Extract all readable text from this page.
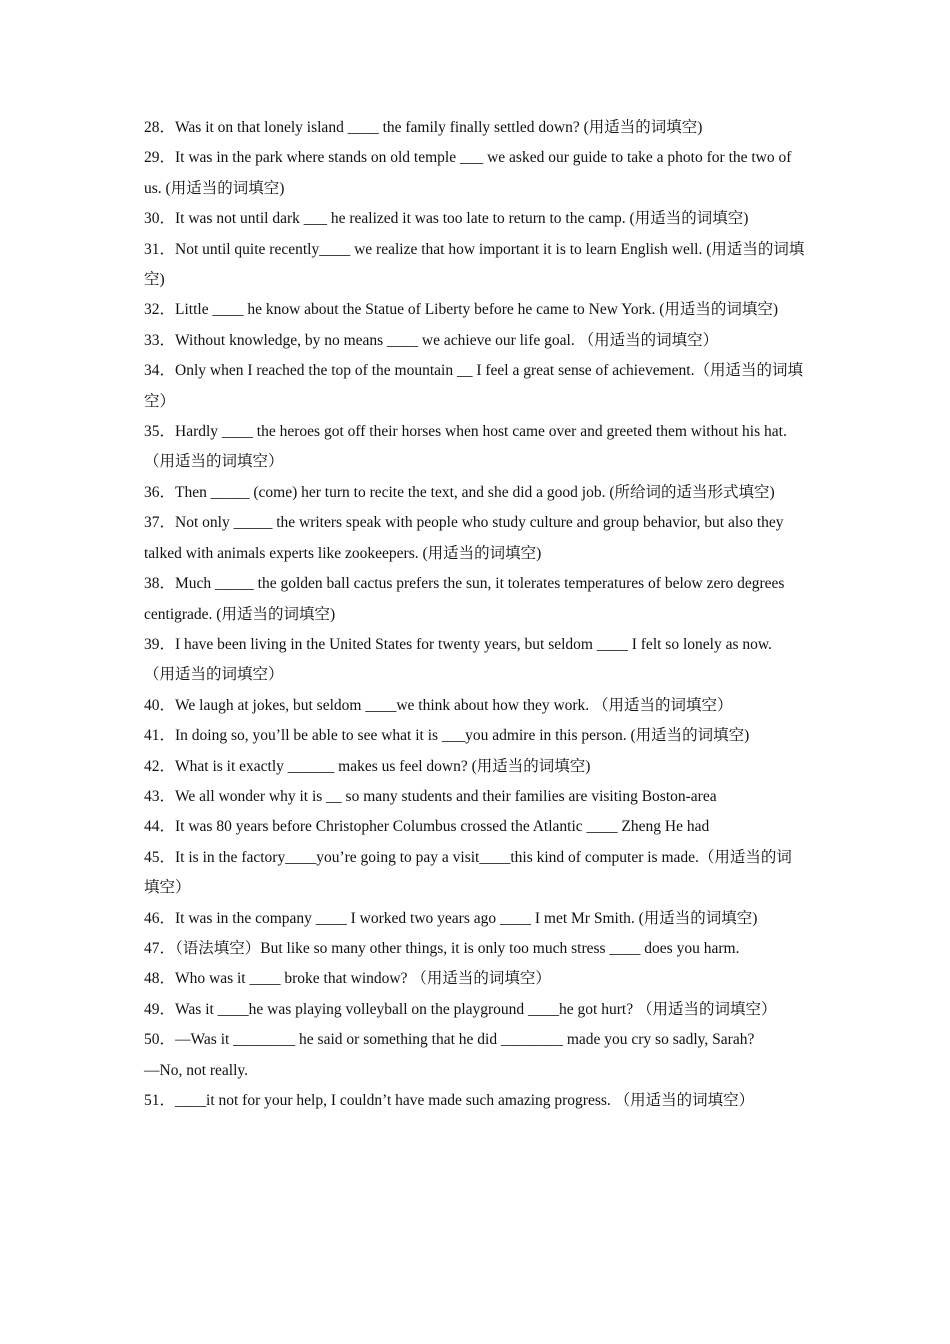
28．Was it on that lonely island ____ the family finally settled down? (用适当的词填空)

29．It was in the park where stands on old temple ___ we asked our guide to take a photo for the two of us. (用适当的词填空)

30．It was not until dark ___ he realized it was too late to return to the camp. (用适当的词填空)

31．Not until quite recently____ we realize that how important it is to learn English well. (用适当的词填空)

32．Little ____ he know about the Statue of Liberty before he came to New York. (用适当的词填空)

33．Without knowledge, by no means ____ we achieve our life goal. （用适当的词填空）

34．Only when I reached the top of the mountain __ I feel a great sense of achievement.（用适当的词填空）

35．Hardly ____ the heroes got off their horses when host came over and greeted them without his hat. （用适当的词填空）

36．Then _____ (come) her turn to recite the text, and she did a good job. (所给词的适当形式填空)

37．Not only _____ the writers speak with people who study culture and group behavior, but also they talked with animals experts like zookeepers. (用适当的词填空)

38．Much _____ the golden ball cactus prefers the sun, it tolerates temperatures of below zero degrees centigrade. (用适当的词填空)

39．I have been living in the United States for twenty years, but seldom ____ I felt so lonely as now. （用适当的词填空）

40．We laugh at jokes, but seldom ____we think about how they work. （用适当的词填空）

41．In doing so, you’ll be able to see what it is ___you admire in this person. (用适当的词填空)

42．What is it exactly ______ makes us feel down? (用适当的词填空)

43．We all wonder why it is __ so many students and their families are visiting Boston-area

44．It was 80 years before Christopher Columbus crossed the Atlantic ____ Zheng He had

45．It is in the factory____you’re going to pay a visit____this kind of computer is made.（用适当的词填空）

46．It was in the company ____ I worked two years ago ____ I met Mr Smith. (用适当的词填空)

47．（语法填空）But like so many other things, it is only too much stress ____ does you harm.

48．Who was it ____ broke that window? （用适当的词填空）

49．Was it ____he was playing volleyball on the playground ____he got hurt? （用适当的词填空）

50．—Was it ________ he said or something that he did ________ made you cry so sadly, Sarah?
—No, not really.

51．____it not for your help, I couldn’t have made such amazing progress. （用适当的词填空）
